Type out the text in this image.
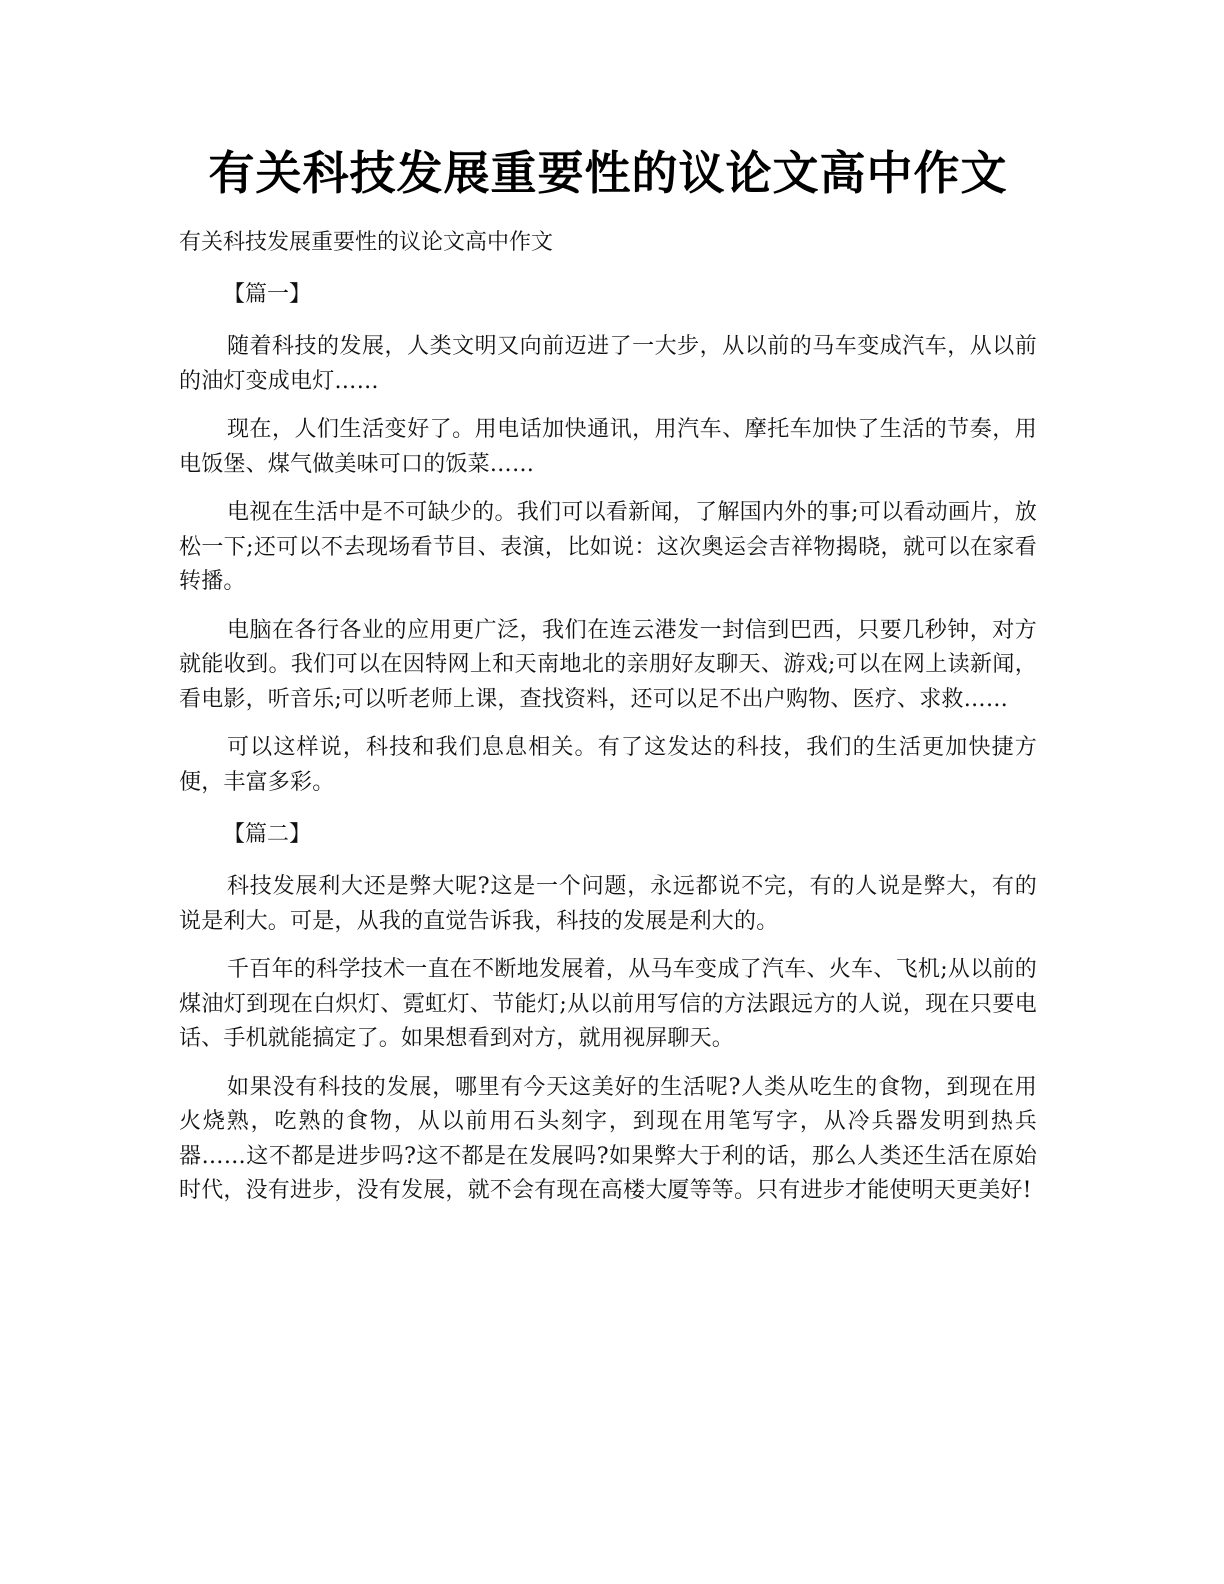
有关科技发展重要性的议论文高中作文

有关科技发展重要性的议论文高中作文

【篇一】

随着科技的发展，人类文明又向前迈进了一大步，从以前的马车变成汽车，从以前的油灯变成电灯……

现在，人们生活变好了。用电话加快通讯，用汽车、摩托车加快了生活的节奏，用电饭堡、煤气做美味可口的饭菜……

电视在生活中是不可缺少的。我们可以看新闻，了解国内外的事;可以看动画片，放松一下;还可以不去现场看节目、表演，比如说：这次奥运会吉祥物揭晓，就可以在家看转播。

电脑在各行各业的应用更广泛，我们在连云港发一封信到巴西，只要几秒钟，对方就能收到。我们可以在因特网上和天南地北的亲朋好友聊天、游戏;可以在网上读新闻，看电影，听音乐;可以听老师上课，查找资料，还可以足不出户购物、医疗、求救……

可以这样说，科技和我们息息相关。有了这发达的科技，我们的生活更加快捷方便，丰富多彩。

【篇二】

科技发展利大还是弊大呢?这是一个问题，永远都说不完，有的人说是弊大，有的说是利大。可是，从我的直觉告诉我，科技的发展是利大的。

千百年的科学技术一直在不断地发展着，从马车变成了汽车、火车、飞机;从以前的煤油灯到现在白炽灯、霓虹灯、节能灯;从以前用写信的方法跟远方的人说，现在只要电话、手机就能搞定了。如果想看到对方，就用视屏聊天。

如果没有科技的发展，哪里有今天这美好的生活呢?人类从吃生的食物，到现在用火烧熟，吃熟的食物，从以前用石头刻字，到现在用笔写字，从冷兵器发明到热兵器……这不都是进步吗?这不都是在发展吗?如果弊大于利的话，那么人类还生活在原始时代，没有进步，没有发展，就不会有现在高楼大厦等等。只有进步才能使明天更美好!
